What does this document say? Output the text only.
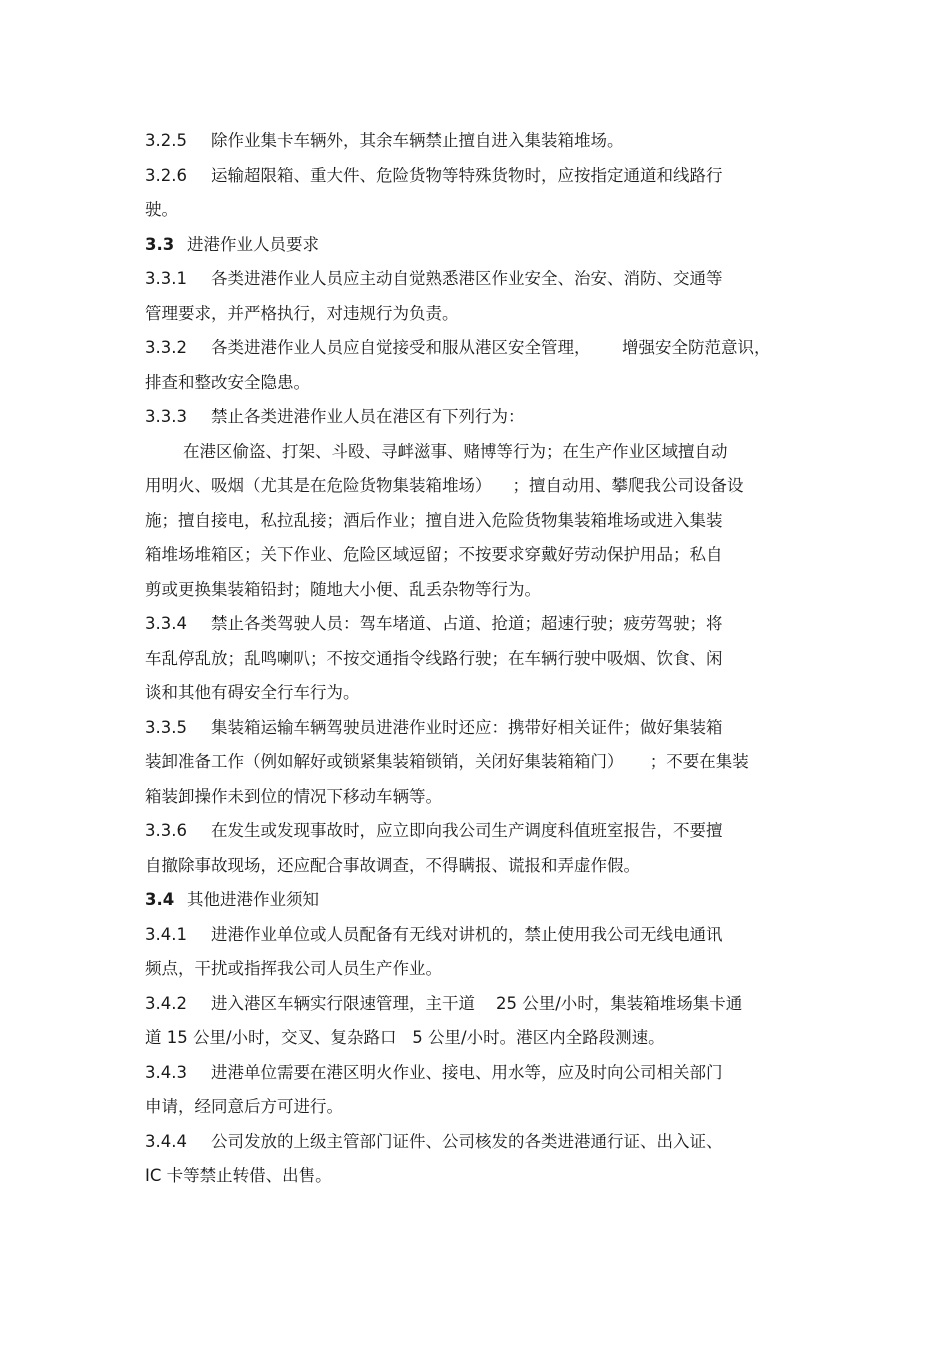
3.2.5 除作业集卡车辆外，其余车辆禁止擅自进入集装箱堆场。
3.2.6 运输超限箱、重大件、危险货物等特殊货物时，应按指定通道和线路行
驶。
3.3 进港作业人员要求
3.3.1 各类进港作业人员应主动自觉熟悉港区作业安全、治安、消防、交通等
管理要求，并严格执行，对违规行为负责。
3.3.2 各类进港作业人员应自觉接受和服从港区安全管理，      增强安全防范意识，
排查和整改安全隐患。
3.3.3 禁止各类进港作业人员在港区有下列行为：
在港区偷盗、打架、斗殴、寻衅滋事、赌博等行为；在生产作业区域擅自动
用明火、吸烟（尤其是在危险货物集装箱堆场）    ；擅自动用、攀爬我公司设备设
施；擅自接电，私拉乱接；酒后作业；擅自进入危险货物集装箱堆场或进入集装
箱堆场堆箱区；关下作业、危险区域逗留；不按要求穿戴好劳动保护用品；私自
剪或更换集装箱铅封；随地大小便、乱丢杂物等行为。
3.3.4 禁止各类驾驶人员：驾车堵道、占道、抢道；超速行驶；疲劳驾驶；将
车乱停乱放；乱鸣喇叭；不按交通指令线路行驶；在车辆行驶中吸烟、饮食、闲
谈和其他有碍安全行车行为。
3.3.5 集装箱运输车辆驾驶员进港作业时还应：携带好相关证件；做好集装箱
装卸准备工作（例如解好或锁紧集装箱锁销，关闭好集装箱箱门）     ；不要在集装
箱装卸操作未到位的情况下移动车辆等。
3.3.6 在发生或发现事故时，应立即向我公司生产调度科值班室报告，不要擅
自撤除事故现场，还应配合事故调查，不得瞒报、谎报和弄虚作假。
3.4 其他进港作业须知
3.4.1 进港作业单位或人员配备有无线对讲机的，禁止使用我公司无线电通讯
频点，干扰或指挥我公司人员生产作业。
3.4.2 进入港区车辆实行限速管理，主干道    25 公里/小时，集装箱堆场集卡通
道 15 公里/小时，交叉、复杂路口   5 公里/小时。港区内全路段测速。
3.4.3 进港单位需要在港区明火作业、接电、用水等，应及时向公司相关部门
申请，经同意后方可进行。
3.4.4 公司发放的上级主管部门证件、公司核发的各类进港通行证、出入证、
IC 卡等禁止转借、出售。
